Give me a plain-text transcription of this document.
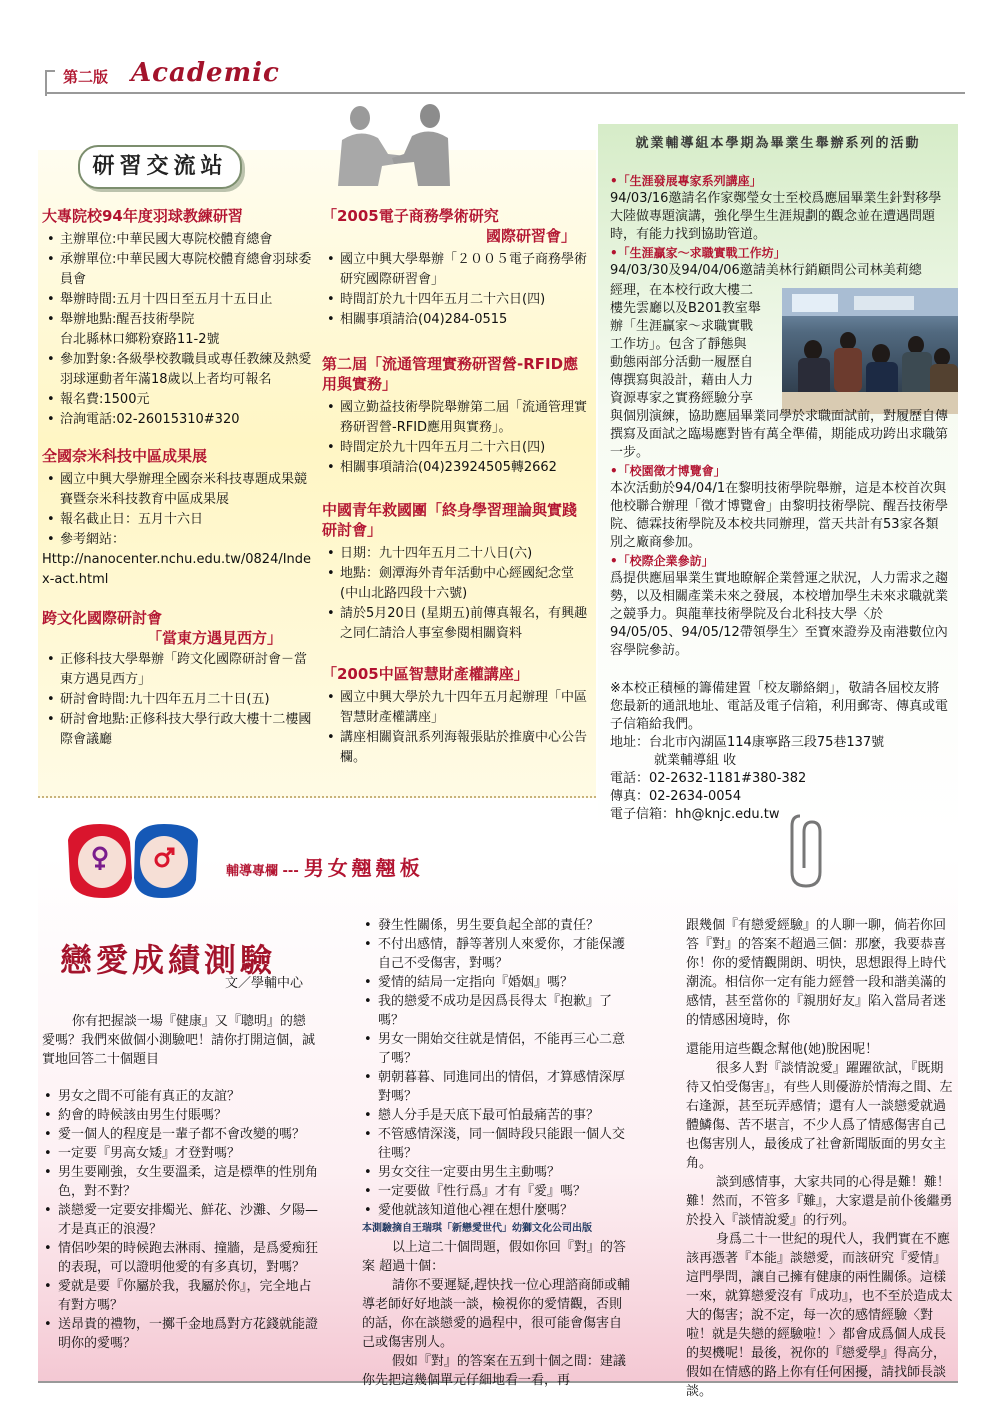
第二版 Academic
研習交流站
大專院校94年度羽球教練研習
• 主辦單位:中華民國大專院校體育總會
• 承辦單位:中華民國大專院校體育總會羽球委員會
• 舉辦時間:五月十四日至五月十五日止
• 舉辦地點:醒吾技術學院
台北縣林口鄉粉寮路11-2號
• 參加對象:各級學校教職員或專任教練及熱愛羽球運動者年滿18歲以上者均可報名
• 報名費:1500元
• 洽詢電話:02-26015310#320
全國奈米科技中區成果展
• 國立中興大學辦理全國奈米科技專題成果競賽暨奈米科技教育中區成果展
• 報名截止日：五月十六日
• 參考網站：
Http://nanocenter.nchu.edu.tw/0824/Index-act.html
跨文化國際研討會
「當東方遇見西方」
• 正修科技大學舉辦「跨文化國際研討會－當東方遇見西方」
• 研討會時間:九十四年五月二十日(五)
• 研討會地點:正修科技大學行政大樓十二樓國際會議廳
「2005電子商務學術研究
國際研習會」
• 國立中興大學舉辦「２００５電子商務學術研究國際研習會」
• 時間訂於九十四年五月二十六日(四)
• 相關事項請洽(04)284-0515
第二屆「流通管理實務研習營-RFID應用與實務」
• 國立勤益技術學院舉辦第二屆「流通管理實務研習營-RFID應用與實務」。
• 時間定於九十四年五月二十六日(四)
• 相關事項請洽(04)23924505轉2662
中國青年救國團「終身學習理論與實踐研討會」
• 日期：九十四年五月二十八日(六)
• 地點：劍潭海外青年活動中心經國紀念堂(中山北路四段十六號)
• 請於5月20日 (星期五)前傳真報名，有興趣之同仁請洽人事室參閱相關資料
「2005中區智慧財產權講座」
• 國立中興大學於九十四年五月起辦理「中區智慧財產權講座」
• 講座相關資訊系列海報張貼於推廣中心公告欄。
就業輔導組本學期為畢業生舉辦系列的活動
•「生涯發展專家系列講座」
94/03/16邀請名作家鄭瑩女士至校爲應屆畢業生針對移學大陸做專題演講，強化學生生涯規劃的觀念並在遭遇問題時，有能力找到協助管道。
•「生涯贏家～求職實戰工作坊」
94/03/30及94/04/06邀請美林行銷顧問公司林美莉總
經理，在本校行政大樓二
樓先雲廳以及B201教室舉
辦「生涯贏家～求職實戰
工作坊」。包含了靜態與
動態兩部分活動一履歷自
傳撰寫與設計，藉由人力
資源專家之實務經驗分享
與個別演練，協助應屆畢業同學於求職面試前，對履歷自傳撰寫及面試之臨場應對皆有萬全準備，期能成功跨出求職第一步。
•「校園徵才博覽會」
本次活動於94/04/1在黎明技術學院舉辦，這是本校首次與他校聯合辦理「徵才博覽會」由黎明技術學院、醒吾技術學院、德霖技術學院及本校共同辦理，當天共計有53家各類別之廠商參加。
•「校際企業參訪」
爲提供應屆畢業生實地瞭解企業營運之狀況，人力需求之趨勢，以及相關產業未來之發展，本校增加學生未來求職就業之競爭力。與龍華技術學院及台北科技大學〈於94/05/05、94/05/12帶領學生〉至寶來證券及南港數位內容學院參訪。
※本校正積極的籌備建置「校友聯絡網」，敬請各屆校友將您最新的通訊地址、電話及電子信箱，利用郵寄、傳真或電子信箱給我們。
地址：台北市內湖區114康寧路三段75巷137號
就業輔導組 收
電話：02-2632-1181#380-382
傳真：02-2634-0054
電子信箱：hh@knjc.edu.tw
輔導專欄 --- 男女翹翹板
戀愛成績測驗
文／學輔中心
你有把握談一場『健康』又『聰明』的戀愛嗎？我們來做個小測驗吧！請你打開這個，誠實地回答二十個題目
• 男女之間不可能有真正的友誼？
• 約會的時候該由男生付賬嗎？
• 愛一個人的程度是一輩子都不會改變的嗎？
• 一定要『男高女矮』才登對嗎？
• 男生要剛強，女生要溫柔，這是標準的性別角色，對不對？
• 談戀愛一定要安排燭光、鮮花、沙灘、夕陽—才是真正的浪漫？
• 情侶吵架的時候跑去淋雨、撞牆，是爲愛痴狂的表現，可以證明他愛的有多真切，對嗎？
• 愛就是要『你屬於我，我屬於你』，完全地占有對方嗎？
• 送昂貴的禮物，一擲千金地爲對方花錢就能證明你的愛嗎？
• 發生性關係，男生要負起全部的責任？
• 不付出感情，靜等著別人來愛你，才能保護自己不受傷害，對嗎？
• 愛情的結局一定指向『婚姻』嗎？
• 我的戀愛不成功是因爲長得太『抱歉』了嗎？
• 男女一開始交往就是情侶，不能再三心二意了嗎？
• 朝朝暮暮、同進同出的情侶，才算感情深厚對嗎？
• 戀人分手是天底下最可怕最痛苦的事？
• 不管感情深淺，同一個時段只能跟一個人交往嗎？
• 男女交往一定要由男生主動嗎？
• 一定要做『性行爲』才有『愛』嗎？
• 愛他就該知道他心裡在想什麼嗎？
本測驗摘自王瑞琪「新戀愛世代」幼獅文化公司出版
以上這二十個問題，假如你回『對』的答案 超過十個：
請你不要遲疑,趕快找一位心理諮商師或輔導老師好好地談一談，檢視你的愛情觀，否則的話，你在談戀愛的過程中，很可能會傷害自己或傷害別人。
假如『對』的答案在五到十個之間：建議你先把這幾個單元仔細地看一看，再
跟幾個『有戀愛經驗』的人聊一聊，倘若你回答『對』的答案不超過三個：那麼，我要恭喜你！你的愛情觀開朗、明快，思想跟得上時代潮流。相信你一定有能力經營一段和諧美滿的感情，甚至當你的『親朋好友』陷入當局者迷的情感困境時，你
還能用這些觀念幫他(她)脫困呢！
很多人對『談情說愛』躍躍欲試，『既期待又怕受傷害』，有些人則優游於情海之間、左右逢源，甚至玩弄感情；還有人一談戀愛就過體鱗傷、苦不堪言，不少人爲了情感傷害自己也傷害別人，最後成了社會新聞版面的男女主角。
談到感情事，大家共同的心得是難！難！難！然而，不管多『難』，大家還是前仆後繼勇於投入『談情說愛』的行列。
身爲二十一世紀的現代人，我們實在不應該再憑著『本能』談戀愛，而該研究『愛情』這門學問，讓自己擁有健康的兩性關係。這樣一來，就算戀愛沒有『成功』，也不至於造成太大的傷害；說不定，每一次的感情經驗〈對啦！就是失戀的經驗啦！〉都會成爲個人成長的契機呢！最後，祝你的『戀愛學』得高分，假如在情感的路上你有任何困擾，請找師長談談。
